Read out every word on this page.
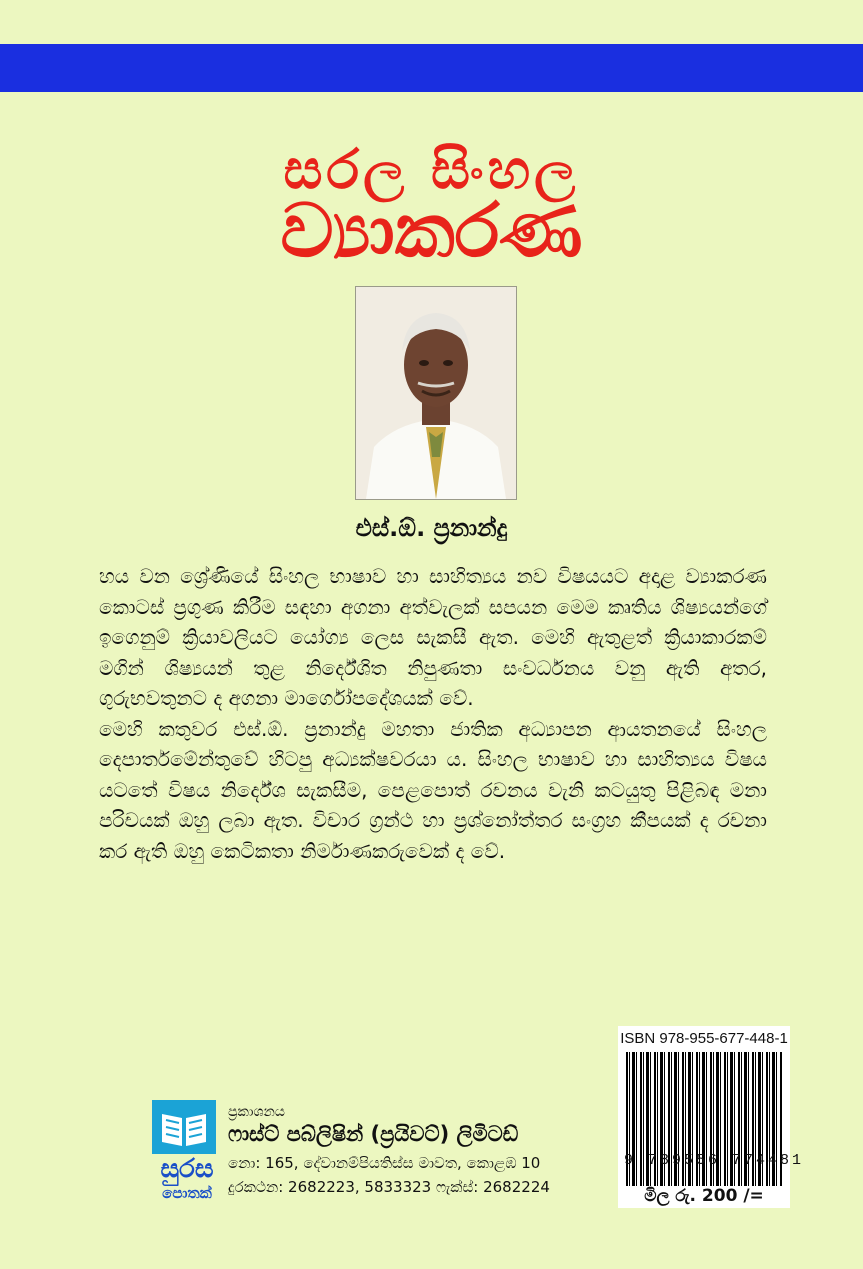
සරල සිංහල
ව්‍යාකරණ
එස්.ඕ. ප්‍රනාන්දු

හය වන ශ්‍රේණියේ සිංහල භාෂාව හා සාහිත්‍යය නව විෂයයට අදාළ ව්‍යාකරණ කොටස් ප්‍රගුණ කිරීම සඳහා අගනා අත්වැලක් සපයන මෙම කෘතිය ශිෂ්‍යයන්ගේ ඉගෙනුම් ක්‍රියාවලියට යෝග්‍ය ලෙස සැකසී ඇත. මෙහි ඇතුළත් ක්‍රියාකාරකම් මගින් ශිෂ්‍යයන් තුළ නිර්දේශිත නිපුණතා සංවර්ධනය වනු ඇති අතර, ගුරුභවතුනට ද අගනා මාර්ගෝපදේශයක් වේ.

මෙහි කතුවර එස්.ඕ. ප්‍රනාන්දු මහතා ජාතික අධ්‍යාපන ආයතනයේ සිංහල දෙපාර්තමේන්තුවේ හිටපු අධ්‍යක්ෂවරයා ය. සිංහල භාෂාව හා සාහිත්‍යය විෂය යටතේ විෂය නිර්දේශ සැකසීම, පෙළපොත් රචනය වැනි කටයුතු පිළිබඳ මනා පරිචයක් ඔහු ලබා ඇත. විචාර ග්‍රන්ථ හා ප්‍රශ්නෝත්තර සංග්‍රහ කීපයක් ද රචනා කර ඇති ඔහු කෙටිකතා නිර්මාණකරුවෙක් ද වේ.

සුරස
පොතක්
ප්‍රකාශනය
ෆාස්ට් පබ්ලිෂින් (ප්‍රයිවට්) ලිමිටඩ්
නො: 165, දේවානම්පියතිස්ස මාවත, කොළඹ 10
දුරකථන: 2682223, 5833323 ෆැක්ස්: 2682224
ISBN 978-955-677-448-1
මිල රු. 200 /=
9 789556 774481
